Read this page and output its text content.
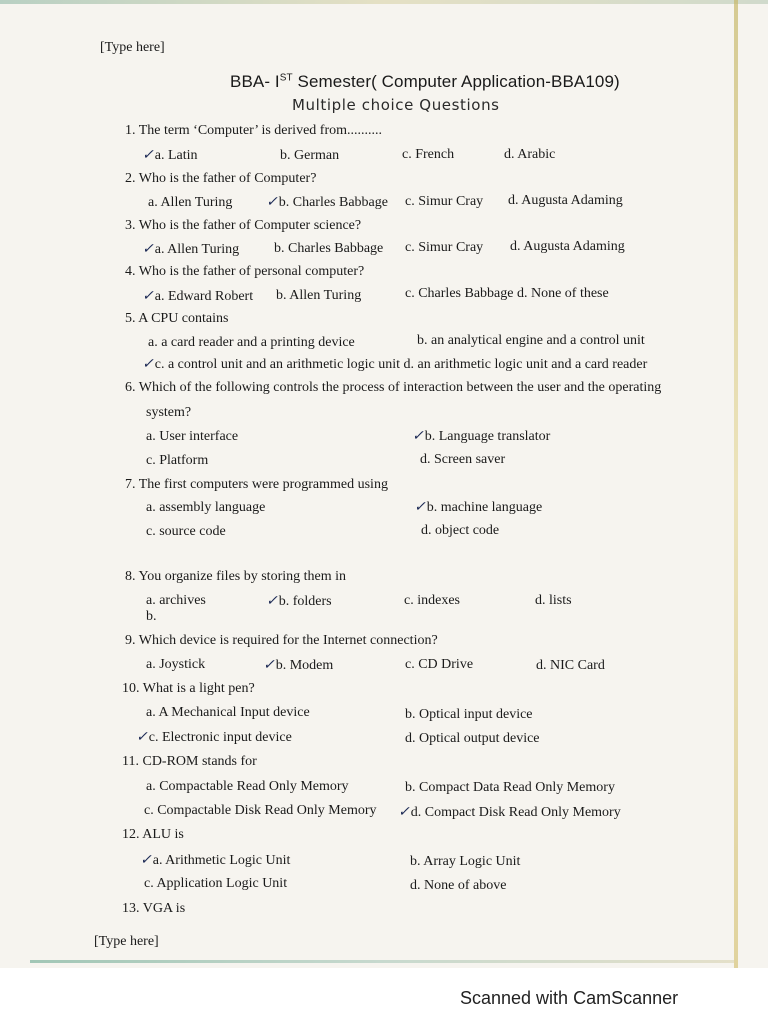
[Type here]
BBA- IST Semester( Computer Application-BBA109)
Multiple choice Questions
1. The term ‘Computer’ is derived from..........
✓a. Latin	b. German	c. French	d. Arabic
2. Who is the father of Computer?
a. Allen Turing ✓b. Charles Babbage c. Simur Cray d. Augusta Adaming
3. Who is the father of Computer science?
✓a. Allen Turing b. Charles Babbage c. Simur Cray d. Augusta Adaming
4. Who is the father of personal computer?
✓a. Edward Robert b. Allen Turing	c. Charles Babbage d. None of these
5. A CPU contains
a. a card reader and a printing device	b. an analytical engine and a control unit
✓c. a control unit and an arithmetic logic unit d. an arithmetic logic unit and a card reader
6. Which of the following controls the process of interaction between the user and the operating
system?
a. User interface	✓b. Language translator
c. Platform	d. Screen saver
7. The first computers were programmed using
a. assembly language	✓b. machine language
c. source code	d. object code
8. You organize files by storing them in
a. archives	✓b. folders	c. indexes	d. lists
b.
9. Which device is required for the Internet connection?
a. Joystick	✓b. Modem	c. CD Drive	d. NIC Card
10. What is a light pen?
a. A Mechanical Input device	b. Optical input device
✓c. Electronic input device	d. Optical output device
11. CD-ROM stands for
a. Compactable Read Only Memory	b. Compact Data Read Only Memory
c. Compactable Disk Read Only Memory ✓d. Compact Disk Read Only Memory
12. ALU is
✓a. Arithmetic Logic Unit	b. Array Logic Unit
c. Application Logic Unit	d. None of above
13. VGA is
[Type here]
Scanned with CamScanner
